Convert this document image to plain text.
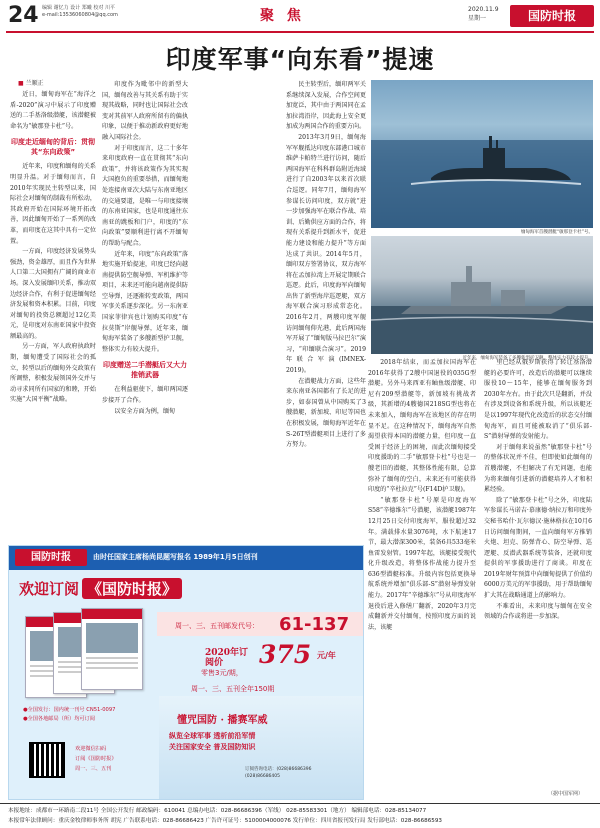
24 编辑 谢忆力 设计 郑曦 校对 川平
e-mail:13536060804@qq.com	聚 焦	2020.11.9
星期一	国防时报
印度军事“向东看”提速
■ 兰顺正

近日，缅甸海军在“海洋之盾-2020”演习中展示了印度赠送的二手基洛级潜艇，该潜艇被命名为“敏那登卡杜”号。

印度走近缅甸的背后：贯彻其“东向政策”

近年来，印度和缅甸的关系明显升温。对于缅甸而言，自2010年实现民主转型以来，国际社会对缅甸的制裁有所松动，其政府开始在国际环境开拓改善，因此缅甸开始了一系列的改革，而印度在这其中具有一定位置。

一方面，印度经济发展势头强劲，资金雄厚，而且作为世界人口第二大国拥有广阔的商业市场。深入发展缅印关系，推动双边经济合作，有利于促进缅甸经济发展和资本积累。目前，印度对缅甸的投资总额超过12亿美元，是印度对东南亚国家中投资额最高的。

另一方面，军人政府执政时期，缅甸遭受了国际社会的孤立，转型以后的缅甸外交政策有所调整，积极发展领国外交并与动寻求同所有国家的和睦，开始实施“大国平衡”战略。

印度作为毗邻中的新型大国，缅甸改善与其关系有助于实现其战略，同时也让国际社会改变对其前军人政府所留有的偏执印象，以便于推动新政府更好地融入国际社会。

对于印度而言，这二十多年来印度政府一直在贯彻其“东向政策”，并将该政策作为其实现大国抱负的重要举措，而缅甸地处连接南亚次大陆与东南亚地区的交通要道，是唯一与印度接壤的东南亚国家，也是印度通往东南亚的跳板和门户，印度的“东向政策”要顺利进行离不开缅甸的帮助与配合。

近年来，印度“东向政策”落地实施开始提速，印度已经向越南提供防空舰导弹、军机维护等项目，未来还可能向越南提供防空导弹，还逐渐转变政策，两国军事关系逐步深化。另一东南亚国家菲律宾也计划购买印度“布拉莫斯”岸舰导弹，近年来，缅甸海军装备了多艘新型护卫舰，整体实力有较大提升。

印度赠送二手潜艇后又大力推销武器

在利益驱使下，缅印两国逐步接开了合作。

以安全方面为例，缅甸

2018年结束，而孟加拉国海军在2016年获得了2艘中国退役的035G型潜艇。另外马来西亚有鲉鱼级潜艇、印尼有209型潜艇等，新加坡有挑战者级，其新增的4艘德国218SG型也将在未来加入，缅甸海军在该地区的存在明显不足。在这种情况下，缅甸海军自然渴望获得本国的潜艇力量，但印度一直受困于经济上的困境，而此次缅甸接受印度援助的二手“敏那登卡杜”号也是一艘老旧的潜艇，其整体性能有限，总算弥补了缅甸的空白，未来还有可能获得印度的“辛杜拉克”号(F14D护卫舰)。

“敏那登卡杜”号原是印度海军S58“辛德维尔”号潜艇，该潜艇1987年12月25日交付印度海军，服役超过32年。满载排水量3076吨，水下航速17节，最大潜深300米，装备6具533毫米鱼雷发射管。1997年起，该艇接受现代化升级改造，将整体作战能力提升至636型潜艇标准。升级内容包括更换导航系统并增加“俱乐部-S”潜射导弹发射能力。2017年“辛德维尔”号从印度海军退役后进入修缮厂翻新，2020年3月完成翻新并交付缅甸，按照印度方面的说法，该艇

里已经从俄罗斯获得了转让基洛潜艇的必要许可，改造后的潜艇可以继续服役10～15年，能够在缅甸服务到2030年左右。由于此次只是翻新，并没有涉及到设备和系统升级，所以该艇还是以1997年现代化改造后的状态交付缅甸海军，而且可能被取消了“俱乐部-S”潜射导弹的发射能力。

对于缅甸来说虽然“敏那登卡杜”号的整体状况并不佳，但即使如此缅甸的首艘潜艇，不但解决了有无问题，也能为将来缅甸引进新的潜艇培养人才和积累经验。

除了“敏那登卡杜”号之外，印度陆军参谋长马诺吉·慕康德·纳拉万和印度外交秘书哈什·瓦尔德汉·施林格拉在10月6日访问缅甸期间，一直向缅甸军方推销火炮、坦克、防弹背心、防空导弹、巡逻艇、反潜武器系统等装备，还就印度提供的军事援助进行了商谈。印度在2019年财年预算中向缅甸提供了价值约6000万美元的军事援助，用于帮助缅甸扩大其在战略通道上的影响力。

不难看出，未来印度与缅甸在安全领域的合作或将进一步加深。

民主转型后，缅印两军关系继续深入发展，合作空间更加宽泛，其中由于两国同在孟加拉湾沿岸，因此海上安全更加成为两国合作的重要方向。

2013年3月9日，缅甸海军军舰抵达印度东部港口城市维萨卡帕特兰进行访问，随后两国海军在科科群岛附近海域进行了自2003年以来首次联合巡逻。同年7月，缅甸海军参谋长访问印度，双方就“进一步加强海军在联合作战、培训、后勤供应方面的合作，将现有关系提升到新水平，促进能力建设和能力提升”等方面达成了共识。2014年5月，缅印双方签署协议，双方海军将在孟加拉湾上开展定期联合巡逻。此后，印度海军向缅甸出售了新型海岸巡逻艇，双方海军联合演习形成常态化。2016年2月，两艘印度军舰访问缅甸仰光港，此后两国海军开展了“缅甸版马拉巴尔”演习，“印缅联合演习”。2019年联合军演(IMNEX-2019)。

在潜艇战力方面，这些年来东南亚各国都有了长足的进步，如泰国曾从中国购买了3艘潜艇，新加坡、印尼等国也在积极发展，缅甸海军近年在S-26T型潜艇项目上进行了多方努力。

缅甸海军首艘潜艇“敏那登卡杜”号。
近年来，缅甸海军装备了多艘新型护卫舰，整体实力有较大提升。
国防时报	由时任国家主席杨尚昆题写报名 1989年1月5日创刊
欢迎订阅 《国防时报》
周一、三、五刊邮发代号：	61-137
2020年订阅价	375 元/年
零售3元/期，
周一、三、五刊全年150期
●全国发行：国内统一刊号 CN51-0097
●全国各地邮局（所）均可订阅
欢迎微信扫码
订阅《国防时报》
周一、三、五刊
懂咒国防 · 播赛军威
纵览全球军事 透析前沿军情
关注国家安全 普及国防知识
订阅咨询电话：(028)86686396
(028)86686405
（据中国军网）
本报地址：成都市一环路南二段11号 全国公开发行 邮政编码：610041 总编办电话：028-86686396（军线） 028-85583301（地方） 编辑部电话：028-85134077
本报常年法律顾问：重庆金牧律师事务所 胡宪 广告联系电话：028-86686423 广告许可证号：5100004000076 发行单位：四川省报刊发行局 发行部电话：028-86686593
